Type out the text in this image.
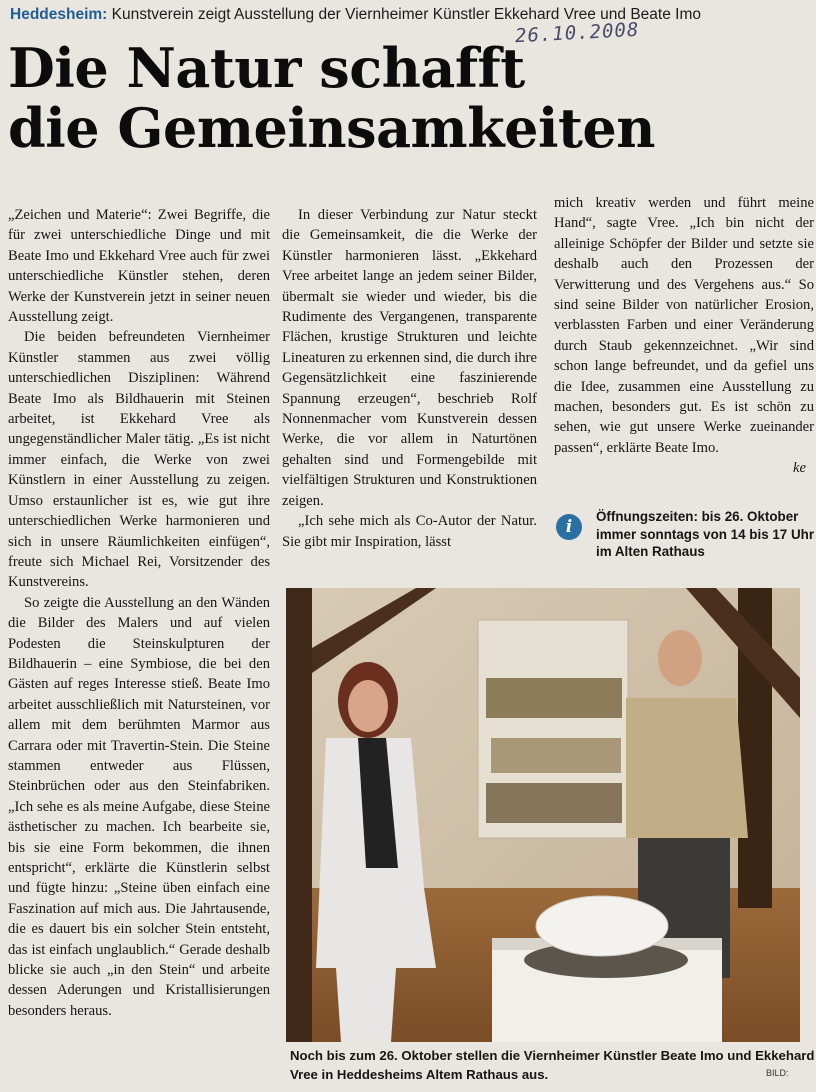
Heddesheim: Kunstverein zeigt Ausstellung der Viernheimer Künstler Ekkehard Vree und Beate Imo
26.10.2008
Die Natur schafft
die Gemeinsamkeiten

„Zeichen und Materie“: Zwei Begriffe, die für zwei unterschiedliche Dinge und mit Beate Imo und Ekkehard Vree auch für zwei unterschiedliche Künstler stehen, deren Werke der Kunstverein jetzt in seiner neuen Ausstellung zeigt.

Die beiden befreundeten Viernheimer Künstler stammen aus zwei völlig unterschiedlichen Disziplinen: Während Beate Imo als Bildhauerin mit Steinen arbeitet, ist Ekkehard Vree als ungegenständlicher Maler tätig. „Es ist nicht immer einfach, die Werke von zwei Künstlern in einer Ausstellung zu zeigen. Umso erstaunlicher ist es, wie gut ihre unterschiedlichen Werke harmonieren und sich in unsere Räumlichkeiten einfügen“, freute sich Michael Rei, Vorsitzender des Kunstvereins.

So zeigte die Ausstellung an den Wänden die Bilder des Malers und auf vielen Podesten die Steinskulpturen der Bildhauerin – eine Symbiose, die bei den Gästen auf reges Interesse stieß. Beate Imo arbeitet ausschließlich mit Natursteinen, vor allem mit dem berühmten Marmor aus Carrara oder mit Travertin-Stein. Die Steine stammen entweder aus Flüssen, Steinbrüchen oder aus den Steinfabriken. „Ich sehe es als meine Aufgabe, diese Steine ästhetischer zu machen. Ich bearbeite sie, bis sie eine Form bekommen, die ihnen entspricht“, erklärte die Künstlerin selbst und fügte hinzu: „Steine üben einfach eine Faszination auf mich aus. Die Jahrtausende, die es dauert bis ein solcher Stein entsteht, das ist einfach unglaublich.“ Gerade deshalb blicke sie auch „in den Stein“ und arbeite dessen Aderungen und Kristallisierungen besonders heraus.

In dieser Verbindung zur Natur steckt die Gemeinsamkeit, die die Werke der Künstler harmonieren lässt. „Ekkehard Vree arbeitet lange an jedem seiner Bilder, übermalt sie wieder und wieder, bis die Rudimente des Vergangenen, transparente Flächen, krustige Strukturen und leichte Lineaturen zu erkennen sind, die durch ihre Gegensätzlichkeit eine faszinierende Spannung erzeugen“, beschrieb Rolf Nonnenmacher vom Kunstverein dessen Werke, die vor allem in Naturtönen gehalten sind und Formengebilde mit vielfältigen Strukturen und Konstruktionen zeigen.

„Ich sehe mich als Co-Autor der Natur. Sie gibt mir Inspiration, lässt

mich kreativ werden und führt meine Hand“, sagte Vree. „Ich bin nicht der alleinige Schöpfer der Bilder und setzte sie deshalb auch den Prozessen der Verwitterung und des Vergehens aus.“ So sind seine Bilder von natürlicher Erosion, verblassten Farben und einer Veränderung durch Staub gekennzeichnet. „Wir sind schon lange befreundet, und da gefiel uns die Idee, zusammen eine Ausstellung zu machen, besonders gut. Es ist schön zu sehen, wie gut unsere Werke zueinander passen“, erklärte Beate Imo.

ke
i
Öffnungszeiten: bis 26. Oktober immer sonntags von 14 bis 17 Uhr im Alten Rathaus
Noch bis zum 26. Oktober stellen die Viernheimer Künstler Beate Imo und Ekkehard
Vree in Heddesheims Altem Rathaus aus.	BILD:
